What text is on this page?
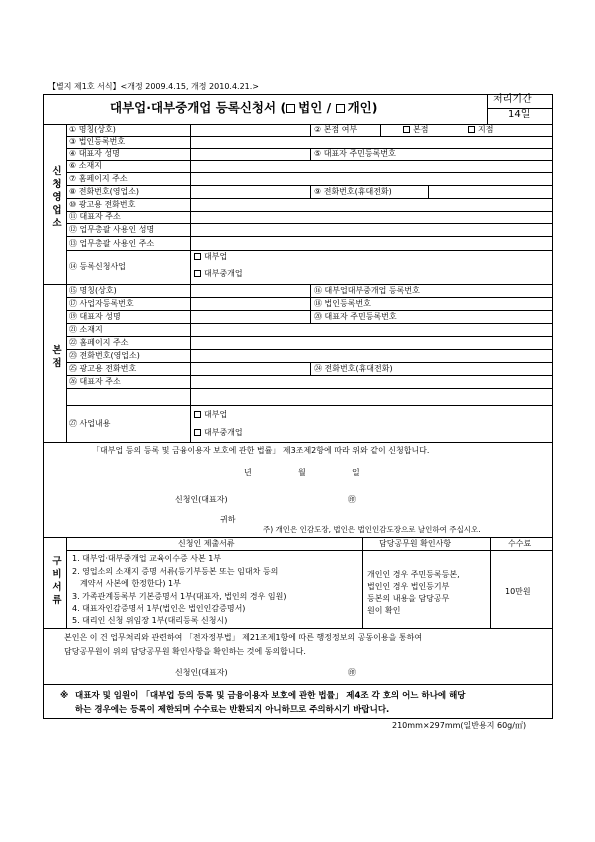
【별지 제1호 서식】<개정 2009.4.15, 개정 2010.4.21.>
대부업·대부중개업 등록신청서 ( 법인 / 개인)
처리기간
14일
신청영업소
① 명칭(상호)	② 본점 여부	본점	지점
③ 법인등록번호
④ 대표자 성명	⑤ 대표자 주민등록번호
⑥ 소재지
⑦ 홈페이지 주소
⑧ 전화번호(영업소)	⑨ 전화번호(휴대전화)
⑩ 광고용 전화번호
⑪ 대표자 주소
⑫ 업무총괄 사용인 성명
⑬ 업무총괄 사용인 주소
⑭ 등록신청사업
대부업
대부중개업
본점
⑮ 명칭(상호)	⑯ 대부업대부중개업 등록번호
⑰ 사업자등록번호	⑱ 법인등록번호
⑲ 대표자 성명	⑳ 대표자 주민등록번호
㉑ 소재지
㉒ 홈페이지 주소
㉓ 전화번호(영업소)
㉔ 전화번호(휴대전화)
㉕ 광고용 전화번호
㉖ 대표자 주소
㉗ 사업내용
대부업
대부중개업
「대부업 등의 등록 및 금융이용자 보호에 관한 법률」 제3조제2항에 따라 위와 같이 신청합니다.
년	월	일
신청인(대표자)	㊞
귀하
주) 개인은 인감도장, 법인은 법인인감도장으로 날인하여 주십시오.
구비서류
신청인 제출서류	담당공무원 확인사항	수수료
1. 대부업·대부중개업 교육이수증 사본 1부
2. 영업소의 소재지 증명 서류(등기부등본 또는 임대차 등의
계약서 사본에 한정한다) 1부
3. 가족관계등록부 기본증명서 1부(대표자, 법인의 경우 임원)
4. 대표자인감증명서 1부(법인은 법인인감증명서)
5. 대리인 신청 위임장 1부(대리등록 신청시)
개인인 경우 주민등록등본,
법인인 경우 법인등기부
등본의 내용을 담당공무
원이 확인
10만원
본인은 이 건 업무처리와 관련하여 「전자정부법」 제21조제1항에 따른 행정정보의 공동이용을 통하여
담당공무원이 위의 담당공무원 확인사항을 확인하는 것에 동의합니다.
신청인(대표자)	㊞
※ 대표자 및 임원이 「대부업 등의 등록 및 금융이용자 보호에 관한 법률」 제4조 각 호의 어느 하나에 해당
하는 경우에는 등록이 제한되며 수수료는 반환되지 아니하므로 주의하시기 바랍니다.
210mm×297mm(일반용지 60g/㎡)
